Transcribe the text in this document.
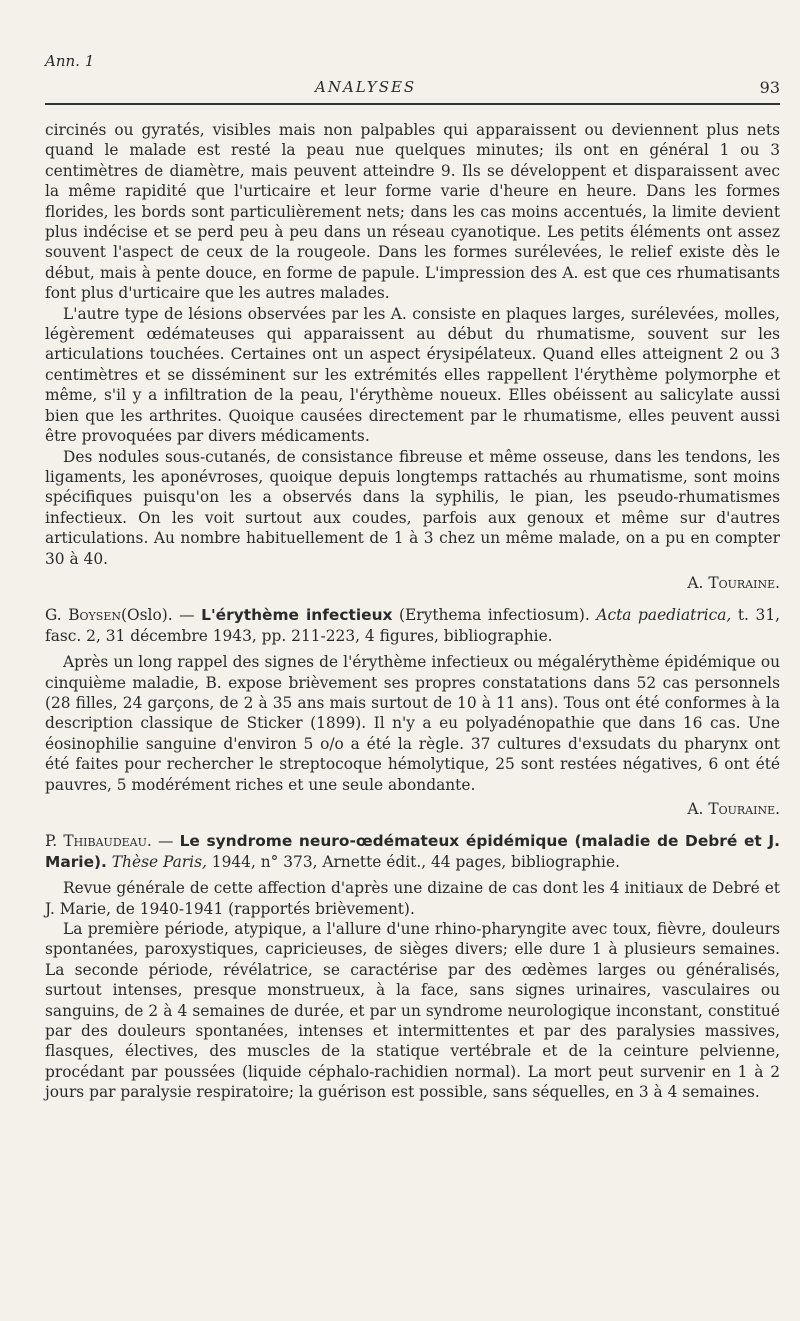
Ann. 1
ANALYSES	93

circinés ou gyratés, visibles mais non palpables qui apparaissent ou deviennent plus nets quand le malade est resté la peau nue quelques minutes; ils ont en général 1 ou 3 centimètres de diamètre, mais peuvent atteindre 9. Ils se développent et disparaissent avec la même rapidité que l'urticaire et leur forme varie d'heure en heure. Dans les formes florides, les bords sont particulièrement nets; dans les cas moins accentués, la limite devient plus indécise et se perd peu à peu dans un réseau cyanotique. Les petits éléments ont assez souvent l'aspect de ceux de la rougeole. Dans les formes surélevées, le relief existe dès le début, mais à pente douce, en forme de papule. L'impression des A. est que ces rhumatisants font plus d'urticaire que les autres malades.

L'autre type de lésions observées par les A. consiste en plaques larges, surélevées, molles, légèrement œdémateuses qui apparaissent au début du rhumatisme, souvent sur les articulations touchées. Certaines ont un aspect érysipélateux. Quand elles atteignent 2 ou 3 centimètres et se disséminent sur les extrémités elles rappellent l'érythème polymorphe et même, s'il y a infiltration de la peau, l'érythème noueux. Elles obéissent au salicylate aussi bien que les arthrites. Quoique causées directement par le rhumatisme, elles peuvent aussi être provoquées par divers médicaments.

Des nodules sous-cutanés, de consistance fibreuse et même osseuse, dans les tendons, les ligaments, les aponévroses, quoique depuis longtemps rattachés au rhumatisme, sont moins spécifiques puisqu'on les a observés dans la syphilis, le pian, les pseudo-rhumatismes infectieux. On les voit surtout aux coudes, parfois aux genoux et même sur d'autres articulations. Au nombre habituellement de 1 à 3 chez un même malade, on a pu en compter 30 à 40.

A. Touraine.

G. Boysen(Oslo). — L'érythème infectieux (Erythema infectiosum). Acta paediatrica, t. 31, fasc. 2, 31 décembre 1943, pp. 211-223, 4 figures, bibliographie.

Après un long rappel des signes de l'érythème infectieux ou mégalérythème épidémique ou cinquième maladie, B. expose brièvement ses propres constatations dans 52 cas personnels (28 filles, 24 garçons, de 2 à 35 ans mais surtout de 10 à 11 ans). Tous ont été conformes à la description classique de Sticker (1899). Il n'y a eu polyadénopathie que dans 16 cas. Une éosinophilie sanguine d'environ 5 o/o a été la règle. 37 cultures d'exsudats du pharynx ont été faites pour rechercher le streptocoque hémolytique, 25 sont restées négatives, 6 ont été pauvres, 5 modérément riches et une seule abondante.

A. Touraine.

P. Thibaudeau. — Le syndrome neuro-œdémateux épidémique (maladie de Debré et J. Marie). Thèse Paris, 1944, n° 373, Arnette édit., 44 pages, bibliographie.

Revue générale de cette affection d'après une dizaine de cas dont les 4 initiaux de Debré et J. Marie, de 1940-1941 (rapportés brièvement).

La première période, atypique, a l'allure d'une rhino-pharyngite avec toux, fièvre, douleurs spontanées, paroxystiques, capricieuses, de sièges divers; elle dure 1 à plusieurs semaines. La seconde période, révélatrice, se caractérise par des œdèmes larges ou généralisés, surtout intenses, presque monstrueux, à la face, sans signes urinaires, vasculaires ou sanguins, de 2 à 4 semaines de durée, et par un syndrome neurologique inconstant, constitué par des douleurs spontanées, intenses et intermittentes et par des paralysies massives, flasques, électives, des muscles de la statique vertébrale et de la ceinture pelvienne, procédant par poussées (liquide céphalo-rachidien normal). La mort peut survenir en 1 à 2 jours par paralysie respiratoire; la guérison est possible, sans séquelles, en 3 à 4 semaines.
